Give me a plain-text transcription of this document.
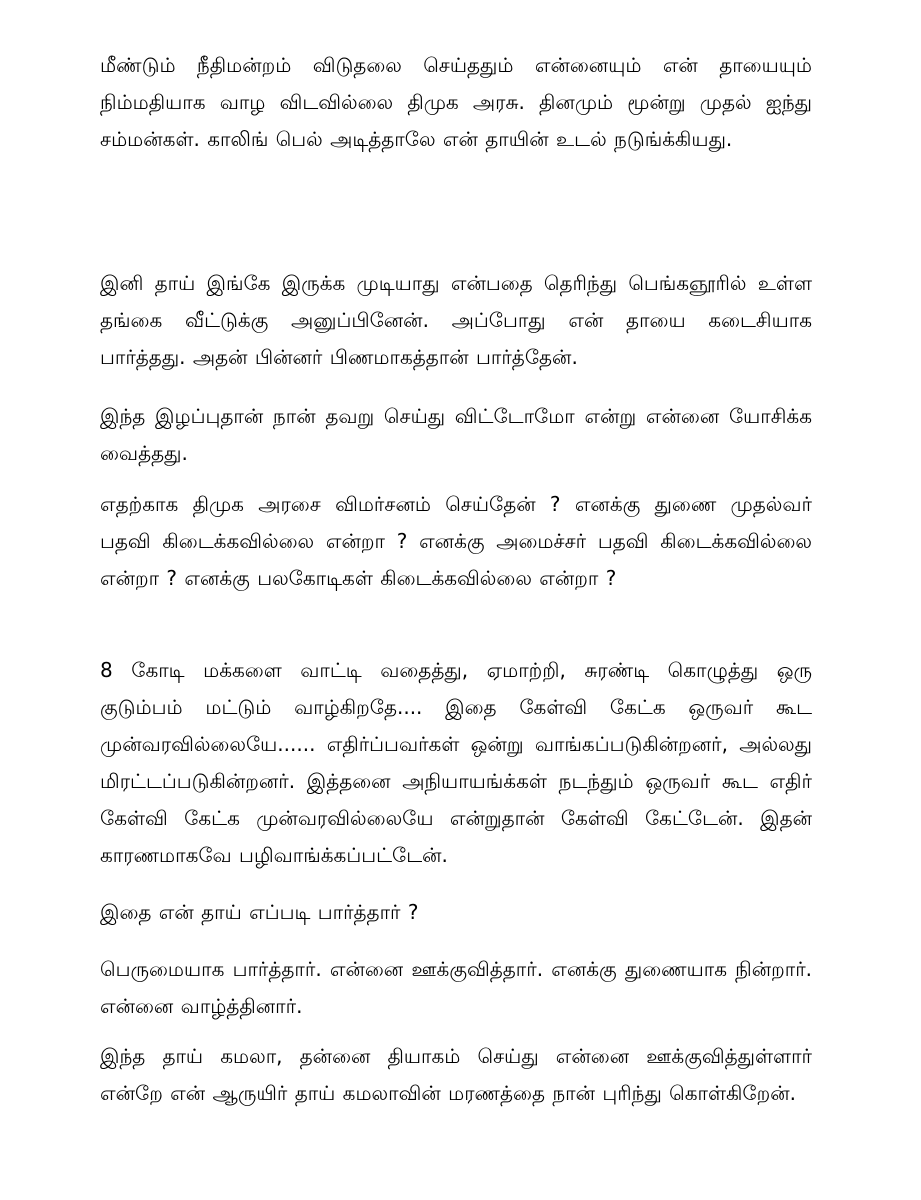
மீண்டும் நீதிமன்றம் விடுதலை செய்ததும் என்னையும் என் தாயையும் நிம்மதியாக வாழ விடவில்லை திமுக அரசு. தினமும் மூன்று முதல் ஐந்து சம்மன்கள். காலிங் பெல் அடித்தாலே என் தாயின் உடல் நடுங்க்கியது.

இனி தாய் இங்கே இருக்க முடியாது என்பதை தெரிந்து பெங்கஞூரில் உள்ள தங்கை வீட்டுக்கு அனுப்பினேன். அப்போது என் தாயை கடைசியாக பார்த்தது. அதன் பின்னர் பிணமாகத்தான் பார்த்தேன்.

இந்த இழப்புதான் நான் தவறு செய்து விட்டோமோ என்று என்னை யோசிக்க வைத்தது.

எதற்காக திமுக அரசை விமர்சனம் செய்தேன் ? எனக்கு துணை முதல்வர் பதவி கிடைக்கவில்லை என்றா ? எனக்கு அமைச்சர் பதவி கிடைக்கவில்லை என்றா ? எனக்கு பலகோடிகள் கிடைக்கவில்லை என்றா ?

8 கோடி மக்களை வாட்டி வதைத்து, ஏமாற்றி, சுரண்டி கொழுத்து ஒரு குடும்பம் மட்டும் வாழ்கிறதே.... இதை கேள்வி கேட்க ஒருவர் கூட முன்வரவில்லையே...... எதிர்ப்பவர்கள் ஒன்று வாங்கப்படுகின்றனர், அல்லது மிரட்டப்படுகின்றனர். இத்தனை அநியாயங்க்கள் நடந்தும் ஒருவர் கூட எதிர் கேள்வி கேட்க முன்வரவில்லையே என்றுதான் கேள்வி கேட்டேன். இதன் காரணமாகவே பழிவாங்க்கப்பட்டேன்.

இதை என் தாய் எப்படி பார்த்தார் ?

பெருமையாக பார்த்தார். என்னை ஊக்குவித்தார். எனக்கு துணையாக நின்றார். என்னை வாழ்த்தினார்.

இந்த தாய் கமலா, தன்னை தியாகம் செய்து என்னை ஊக்குவித்துள்ளார் என்றே என் ஆருயிர் தாய் கமலாவின் மரணத்தை நான் புரிந்து கொள்கிறேன்.
